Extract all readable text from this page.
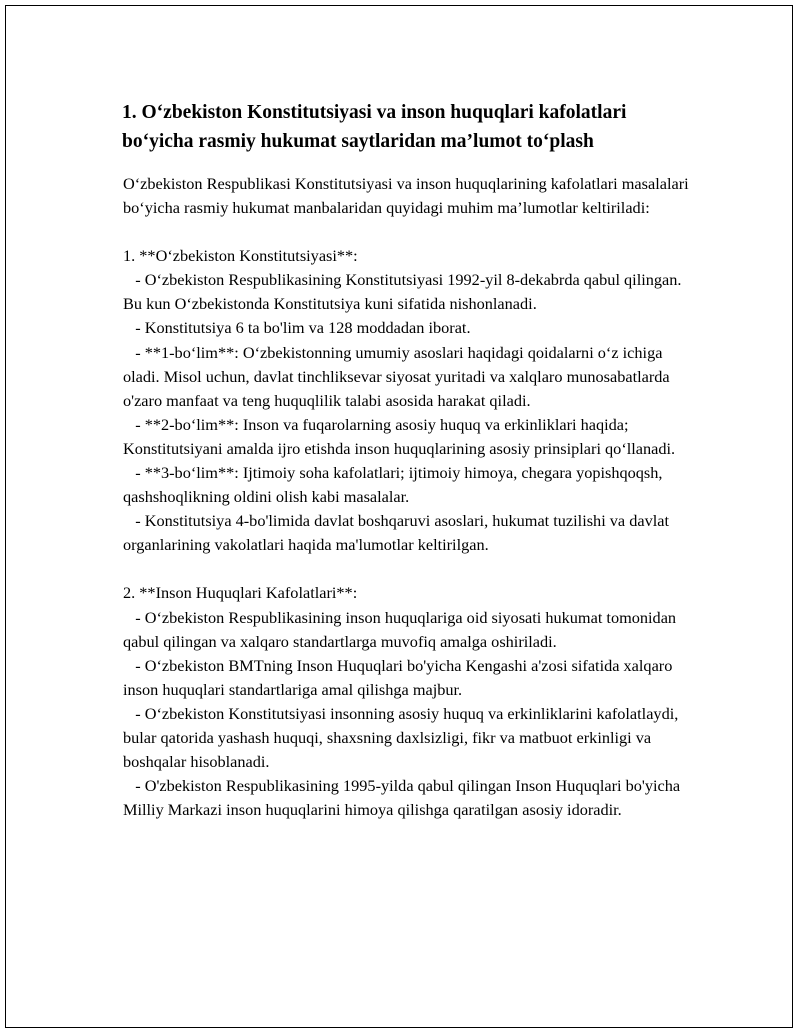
1. O‘zbekiston Konstitutsiyasi va inson huquqlari kafolatlari bo‘yicha rasmiy hukumat saytlaridan ma’lumot to‘plash
O‘zbekiston Respublikasi Konstitutsiyasi va inson huquqlarining kafolatlari masalalari bo‘yicha rasmiy hukumat manbalaridan quyidagi muhim ma’lumotlar keltiriladi:
1. **O‘zbekiston Konstitutsiyasi**:
- O‘zbekiston Respublikasining Konstitutsiyasi 1992-yil 8-dekabrda qabul qilingan. Bu kun O‘zbekistonda Konstitutsiya kuni sifatida nishonlanadi.
- Konstitutsiya 6 ta bo'lim va 128 moddadan iborat.
- **1-bo‘lim**: O‘zbekistonning umumiy asoslari haqidagi qoidalarni o‘z ichiga oladi. Misol uchun, davlat tinchliksevar siyosat yuritadi va xalqlaro munosabatlarda o'zaro manfaat va teng huquqlilik talabi asosida harakat qiladi.
- **2-bo‘lim**: Inson va fuqarolarning asosiy huquq va erkinliklari haqida; Konstitutsiyani amalda ijro etishda inson huquqlarining asosiy prinsiplari qo‘llanadi.
- **3-bo‘lim**: Ijtimoiy soha kafolatlari; ijtimoiy himoya, chegara yopishqoqsh, qashshoqlikning oldini olish kabi masalalar.
- Konstitutsiya 4-bo'limida davlat boshqaruvi asoslari, hukumat tuzilishi va davlat organlarining vakolatlari haqida ma'lumotlar keltirilgan.
2. **Inson Huquqlari Kafolatlari**:
- O‘zbekiston Respublikasining inson huquqlariga oid siyosati hukumat tomonidan qabul qilingan va xalqaro standartlarga muvofiq amalga oshiriladi.
- O‘zbekiston BMTning Inson Huquqlari bo'yicha Kengashi a'zosi sifatida xalqaro inson huquqlari standartlariga amal qilishga majbur.
- O‘zbekiston Konstitutsiyasi insonning asosiy huquq va erkinliklarini kafolatlaydi, bular qatorida yashash huquqi, shaxsning daxlsizligi, fikr va matbuot erkinligi va boshqalar hisoblanadi.
- O'zbekiston Respublikasining 1995-yilda qabul qilingan Inson Huquqlari bo'yicha Milliy Markazi inson huquqlarini himoya qilishga qaratilgan asosiy idoradir.
